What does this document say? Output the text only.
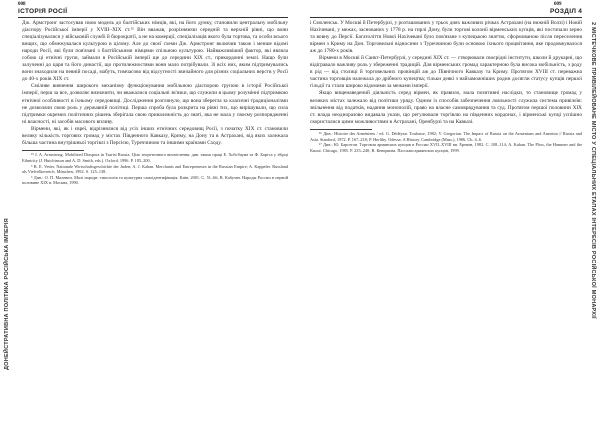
008
ІСТОРІЯ РОСІЇ
ДОНЕЙСТРАТИВНА ПОЛІТИКА РОСІЙСЬКА ІМПЕРІЯ

Дж. Армстронг застосував свою модель до балтійських німців, які, на його думку, становили центральну мобільну діаспору Російської імперії у XVIII–XIX ст.¹⁵ Він вважав, розрізняючи середній та верхній рівні, що вони спеціалізувалися у військовій службі й бюрократії, а не на комерції, спеціалізація якого була тортова, та особи всього вищих, що обмежувалася культурою в цілому. Але до своєї схеми Дж. Армстронг включив також і менше відомі народи Росії, які були пов'язані з балтійськими німцями спільною культурою. Найважливіший фактор, які являла собою ці етнічні групи, займали в Російській імперії ще до середини XIX ст., прикордонні землі. Нащо були залученні до царя та його династії, що протилежностями вони мало потрібували. Зі всіх них, яким підтримувались вони знаходили на певній посаді, мабуть, тимчасово від відсутності звичайного для різних соціальних верств у Росії до 40-х років XIX ст.

Сміливе вивчення широкого механізму функціонування мобільною діаспорою групою в історії Російської імперії, перш за все, дозволяє визначити, чи вважалися соціальні зв'язки, що служили в цьому розумінні підтримкою етнічної особливості в їхньому середовищі. Дослідження розглянуло, що вона зберегла за класичні традиціоналізми не дозволяли свою роль у державній політиці. Перша спроба була розкрита на рівні тих, що вирішували, що сила підтримки окремих політичних рішень зберігала свою приналежність до знаті, яка не мала у своєму розпорядженні ні власності, ні засобів масового впливу.

Вірмени, які, як і євреї, відрізнялися від усіх інших етнічних середовищ Росії, з початку XIX ст. становили велику кількість торгових громад у містах Південного Кавказу, Криму, на Дону та в Астрахані, від яких залежала більша частина внутрішньої торгівлі з Персією, Туреччиною та іншими країнами Сходу.

¹⁵ J. A. Armstrong. Mobilized Diaspora in Tsarist Russia. Ціль теоретичного висвітлення: див. також праці Е. Хобсбаума та Ф. Бартса у збірці Ethnicity (J. Hutchinson and A. D. Smith, eds.). Oxford, 1996. P. 185–200.

⁵ B. E. Vetter. Nationale Wirtschaftsgeschichte der Juden; A. J. Kahan. Merchants and Entrepreneurs in the Russian Empire; A. Kappeler. Russland als Vielvölkerreich. München, 1992. S. 125–138.

⁶ Див.: О. П. Малевич. Малі народи: типологія та культурна самоідентифікація. Київ, 2001. С. 51–66; В. Кабузан. Народы России в первой половине XIX в. Москва, 1990.

009
РОЗДІЛ 4
2 МІСТЕЧКОВЕ ПРИВІЛЕЙОВАНЕ МІСТО У СПЕЦІАЛЬНИХ ЕТАПАХ ІНТЕРЕСІВ РОСІЙСЬКОЇ МОНАРХІЇ

і Смоленськ. У Москві й Петербурзі, у розташованих у трьох днях важливих річках Астрахані (на нижній Волзі) і Новій Нахічевані, у межах, заснованих у 1778 р. на гирлі Дону, були торгові колонії вірменських купців, які постачали зерно та вовну до Персії. Багатоліття Нової Нахічевані було пов'язане з купецькою знаттю, сформованою після переселення вірмен з Криму на Дон. Торговельні відносини з Туреччиною були основою їхнього процвітання, яке продовжувалося аж до 1780-х років.

Вірмени в Москві й Санкт-Петербурзі, у середині XIX ст. — створювали своєрідні інститути, школи й друкарні, що відігравало важливу роль у збереженні традицій. Для вірменських громад характерною була висока мобільність, з роду в рід — від столиці й торговельних провінцій аж до Північного Кавказу та Криму. Протягом XVIII ст. переважна частина торговців належала до дрібного купецтва; тільки деякі з найзаможніших родин досягли статусу купців першої гільдії та стали широко відомими за межами імперії.

Якщо вищенаведений діяльність серед вірмен, як правило, мала позитивні наслідки, то становище громад у великих містах залежало від політики уряду. Одним із способів забезпечення лояльності служила система привілеїв: звільнення від податків, надання монополій, право на власне самоврядування та суд. Протягом першої половини XIX ст. влада неодноразово видавала укази, що регулювали торгівлю на південних кордонах, і вірменські купці успішно скористалися цими можливостями в Астрахані, Оренбурзі та на Кавказі.

¹⁶ Див.: Histoire des Arméniens / ed. G. Dédéyan. Toulouse, 1982; V. Gregorian. The Impact of Russia on the Armenians and Armenia // Russia and Asia. Stanford, 1972. P. 167–218; P. Herlihy. Odessa: A History. Cambridge (Mass.), 1986. Ch. 4–6.

¹⁷ Див.: Ю. Барсегов. Торговля армянских купцов в России XVII–XVIII вв. Ереван, 1982. С. 108–114; A. Kahan. The Plow, the Hammer and the Knout. Chicago, 1985. P. 235–240; В. Кеворкова. Пассажи армянских купцов, 1999.
